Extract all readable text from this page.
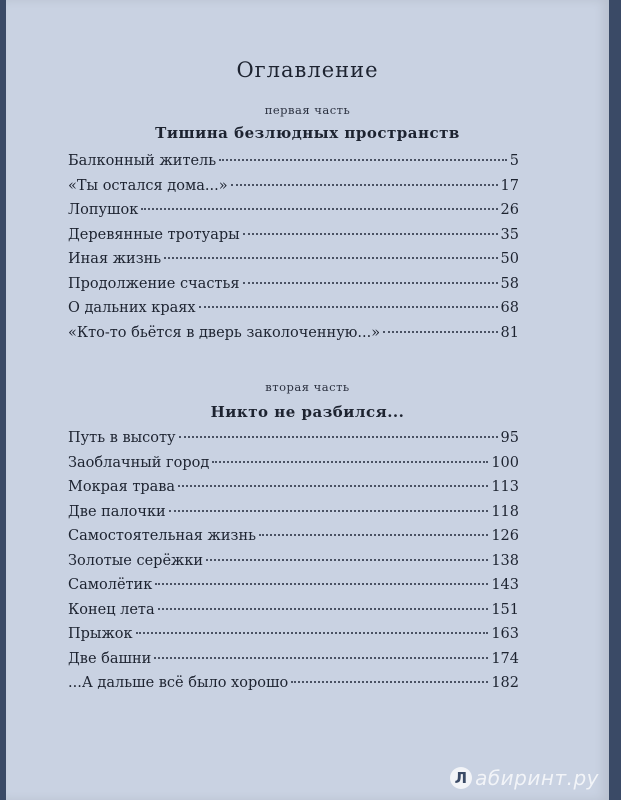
Оглавление
первая часть
Тишина безлюдных пространств
Балконный житель	5
«Ты остался дома...»	17
Лопушок	26
Деревянные тротуары	35
Иная жизнь	50
Продолжение счастья	58
О дальних краях	68
«Кто-то бьётся в дверь заколоченную...»	81
вторая часть
Никто не разбился...
Путь в высоту	95
Заоблачный город	100
Мокрая трава	113
Две палочки	118
Самостоятельная жизнь	126
Золотые серёжки	138
Самолётик	143
Конец лета	151
Прыжок	163
Две башни	174
...А дальше всё было хорошо	182
Л абиринт.ру
